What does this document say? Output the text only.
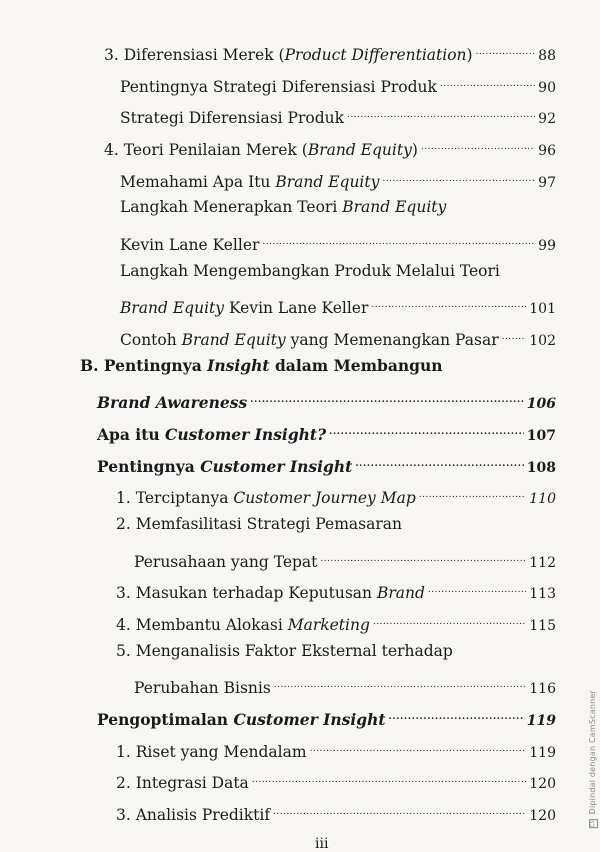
3. Diferensiasi Merek (Product Differentiation) . . .	88
Pentingnya Strategi Diferensiasi Produk . . .	90
Strategi Diferensiasi Produk . . .	92
4. Teori Penilaian Merek (Brand Equity) . . .	96
Memahami Apa Itu Brand Equity . . .	97
Langkah Menerapkan Teori Brand Equity
Kevin Lane Keller . . .	99
Langkah Mengembangkan Produk Melalui Teori
Brand Equity Kevin Lane Keller . . .	101
Contoh Brand Equity yang Memenangkan Pasar . . . 102
B. Pentingnya Insight dalam Membangun
Brand Awareness . . .	106
Apa itu Customer Insight? . . .	107
Pentingnya Customer Insight . . .	108
1. Terciptanya Customer Journey Map . . .	110
2. Memfasilitasi Strategi Pemasaran
Perusahaan yang Tepat . . .	112
3. Masukan terhadap Keputusan Brand . . .	113
4. Membantu Alokasi Marketing . . .	115
5. Menganalisis Faktor Eksternal terhadap
Perubahan Bisnis . . .	116
Pengoptimalan Customer Insight . . .	119
1. Riset yang Mendalam . . .	119
2. Integrasi Data . . .	120
3. Analisis Prediktif . . .	120
iii
CS Dipindai dengan CamScanner
